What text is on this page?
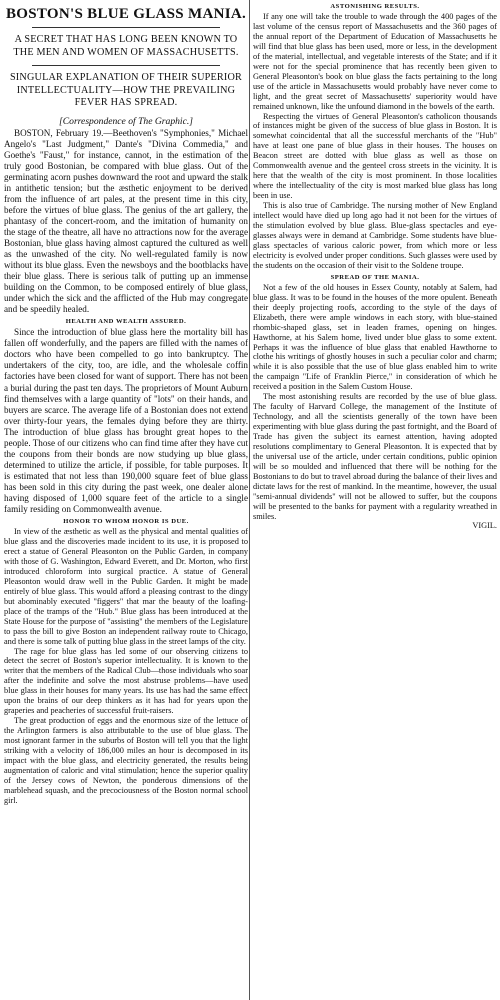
BOSTON'S BLUE GLASS MANIA.
A SECRET THAT HAS LONG BEEN KNOWN TO THE MEN AND WOMEN OF MASSACHUSETTS.
SINGULAR EXPLANATION OF THEIR SUPERIOR INTELLECTUALITY—HOW THE PREVAILING FEVER HAS SPREAD.
[Correspondence of The Graphic.]

BOSTON, February 19.—Beethoven's "Symphonies," Michael Angelo's "Last Judgment," Dante's "Divina Commedia," and Goethe's "Faust," for instance, cannot, in the estimation of the truly good Bostonian, be compared with blue glass. Out of the germinating acorn pushes downward the root and upward the stalk in antithetic tension; but the æsthetic enjoyment to be derived from the influence of art pales, at the present time in this city, before the virtues of blue glass. The genius of the art gallery, the phantasy of the concert-room, and the imitation of humanity on the stage of the theatre, all have no attractions now for the average Bostonian, blue glass having almost captured the cultured as well as the unwashed of the city. No well-regulated family is now without its blue glass. Even the newsboys and the bootblacks have their blue glass. There is serious talk of putting up an immense building on the Common, to be composed entirely of blue glass, under which the sick and the afflicted of the Hub may congregate and be speedily healed.

HEALTH AND WEALTH ASSURED.

Since the introduction of blue glass here the mortality bill has fallen off wonderfully, and the papers are filled with the names of doctors who have been compelled to go into bankruptcy. The undertakers of the city, too, are idle, and the wholesale coffin factories have been closed for want of support. There has not been a burial during the past ten days. The proprietors of Mount Auburn find themselves with a large quantity of "lots" on their hands, and buyers are scarce. The average life of a Bostonian does not extend over thirty-four years, the females dying before they are thirty. The introduction of blue glass has brought great hopes to the people. Those of our citizens who can find time after they have cut the coupons from their bonds are now studying up blue glass, determined to utilize the article, if possible, for table purposes. It is estimated that not less than 190,000 square feet of blue glass has been sold in this city during the past week, one dealer alone having disposed of 1,000 square feet of the article to a single family residing on Commonwealth avenue.

HONOR TO WHOM HONOR IS DUE.

In view of the æsthetic as well as the physical and mental qualities of blue glass and the discoveries made incident to its use, it is proposed to erect a statue of General Pleasonton on the Public Garden, in company with those of G. Washington, Edward Everett, and Dr. Morton, who first introduced chloroform into surgical practice. A statue of General Pleasonton would draw well in the Public Garden. It might be made entirely of blue glass. This would afford a pleasing contrast to the dingy but abominably executed "figgers" that mar the beauty of the loafing-place of the tramps of the "Hub." Blue glass has been introduced at the State House for the purpose of "assisting" the members of the Legislature to pass the bill to give Boston an independent railway route to Chicago, and there is some talk of putting blue glass in the street lamps of the city.

The rage for blue glass has led some of our observing citizens to detect the secret of Boston's superior intellectuality. It is known to the writer that the members of the Radical Club—those individuals who soar after the indefinite and solve the most abstruse problems—have used blue glass in their houses for many years. Its use has had the same effect upon the brains of our deep thinkers as it has had for years upon the graperies and peacheries of successful fruit-raisers.

The great production of eggs and the enormous size of the lettuce of the Arlington farmers is also attributable to the use of blue glass. The most ignorant farmer in the suburbs of Boston will tell you that the light striking with a velocity of 186,000 miles an hour is decomposed in its impact with the blue glass, and electricity generated, the results being augmentation of caloric and vital stimulation; hence the superior quality of the Jersey cows of Newton, the ponderous dimensions of the marblehead squash, and the precociousness of the Boston normal school girl.

ASTONISHING RESULTS.

If any one will take the trouble to wade through the 400 pages of the last volume of the census report of Massachusetts and the 360 pages of the annual report of the Department of Education of Massachusetts he will find that blue glass has been used, more or less, in the development of the material, intellectual, and vegetable interests of the State; and if it were not for the special prominence that has recently been given to General Pleasonton's book on blue glass the facts pertaining to the long use of the article in Massachusetts would probably have never come to light, and the great secret of Massachusetts' superiority would have remained unknown, like the unfound diamond in the bowels of the earth.

Respecting the virtues of General Pleasonton's catholicon thousands of instances might be given of the success of blue glass in Boston. It is somewhat coincidental that all the successful merchants of the "Hub" have at least one pane of blue glass in their houses. The houses on Beacon street are dotted with blue glass as well as those on Commonwealth avenue and the genteel cross streets in the vicinity. It is here that the wealth of the city is most prominent. In those localities where the intellectuality of the city is most marked blue glass has long been in use.

This is also true of Cambridge. The nursing mother of New England intellect would have died up long ago had it not been for the virtues of the stimulation evolved by blue glass. Blue-glass spectacles and eye-glasses always were in demand at Cambridge. Some students have blue-glass spectacles of various caloric power, from which more or less electricity is evolved under proper conditions. Such glasses were used by the students on the occasion of their visit to the Soldene troupe.

SPREAD OF THE MANIA.

Not a few of the old houses in Essex County, notably at Salem, had blue glass. It was to be found in the houses of the more opulent. Beneath their deeply projecting roofs, according to the style of the days of Elizabeth, there were ample windows in each story, with blue-stained rhombic-shaped glass, set in leaden frames, opening on hinges. Hawthorne, at his Salem home, lived under blue glass to some extent. Perhaps it was the influence of blue glass that enabled Hawthorne to clothe his writings of ghostly houses in such a peculiar color and charm; while it is also possible that the use of blue glass enabled him to write the campaign "Life of Franklin Pierce," in consideration of which he received a position in the Salem Custom House.

The most astonishing results are recorded by the use of blue glass. The faculty of Harvard College, the management of the Institute of Technology, and all the scientists generally of the town have been experimenting with blue glass during the past fortnight, and the Board of Trade has given the subject its earnest attention, having adopted resolutions complimentary to General Pleasonton. It is expected that by the universal use of the article, under certain conditions, public opinion will be so moulded and influenced that there will be nothing for the Bostonians to do but to travel abroad during the balance of their lives and dictate laws for the rest of mankind. In the meantime, however, the usual "semi-annual dividends" will not be allowed to suffer, but the coupons will be presented to the banks for payment with a regularity wreathed in smiles.

VIGIL.
